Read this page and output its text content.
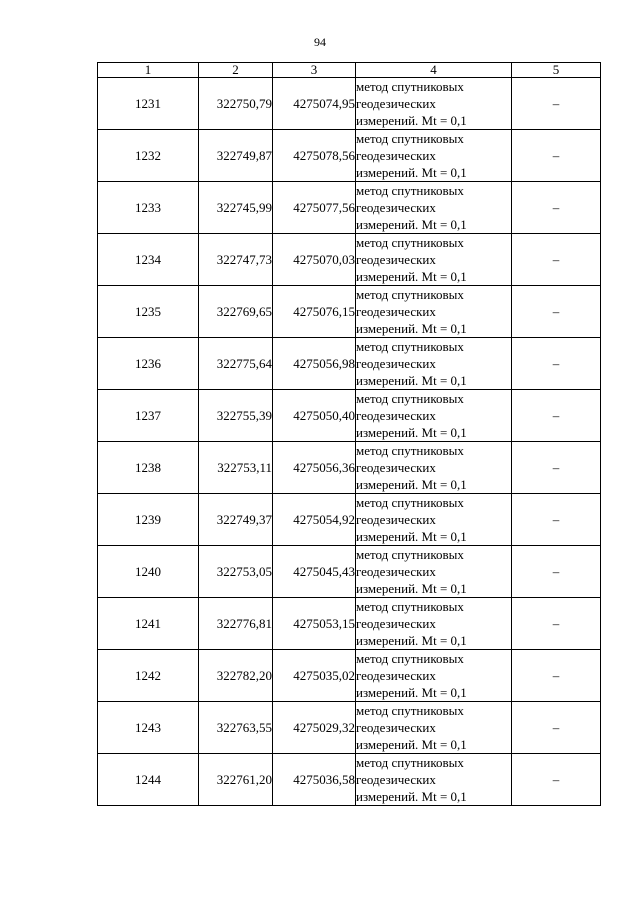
94
1	2	3	4	5
1231	322750,79	4275074,95	метод спутниковых
геодезических
измерений. Mt = 0,1	–
1232	322749,87	4275078,56	метод спутниковых
геодезических
измерений. Mt = 0,1	–
1233	322745,99	4275077,56	метод спутниковых
геодезических
измерений. Mt = 0,1	–
1234	322747,73	4275070,03	метод спутниковых
геодезических
измерений. Mt = 0,1	–
1235	322769,65	4275076,15	метод спутниковых
геодезических
измерений. Mt = 0,1	–
1236	322775,64	4275056,98	метод спутниковых
геодезических
измерений. Mt = 0,1	–
1237	322755,39	4275050,40	метод спутниковых
геодезических
измерений. Mt = 0,1	–
1238	322753,11	4275056,36	метод спутниковых
геодезических
измерений. Mt = 0,1	–
1239	322749,37	4275054,92	метод спутниковых
геодезических
измерений. Mt = 0,1	–
1240	322753,05	4275045,43	метод спутниковых
геодезических
измерений. Mt = 0,1	–
1241	322776,81	4275053,15	метод спутниковых
геодезических
измерений. Mt = 0,1	–
1242	322782,20	4275035,02	метод спутниковых
геодезических
измерений. Mt = 0,1	–
1243	322763,55	4275029,32	метод спутниковых
геодезических
измерений. Mt = 0,1	–
1244	322761,20	4275036,58	метод спутниковых
геодезических
измерений. Mt = 0,1	–
